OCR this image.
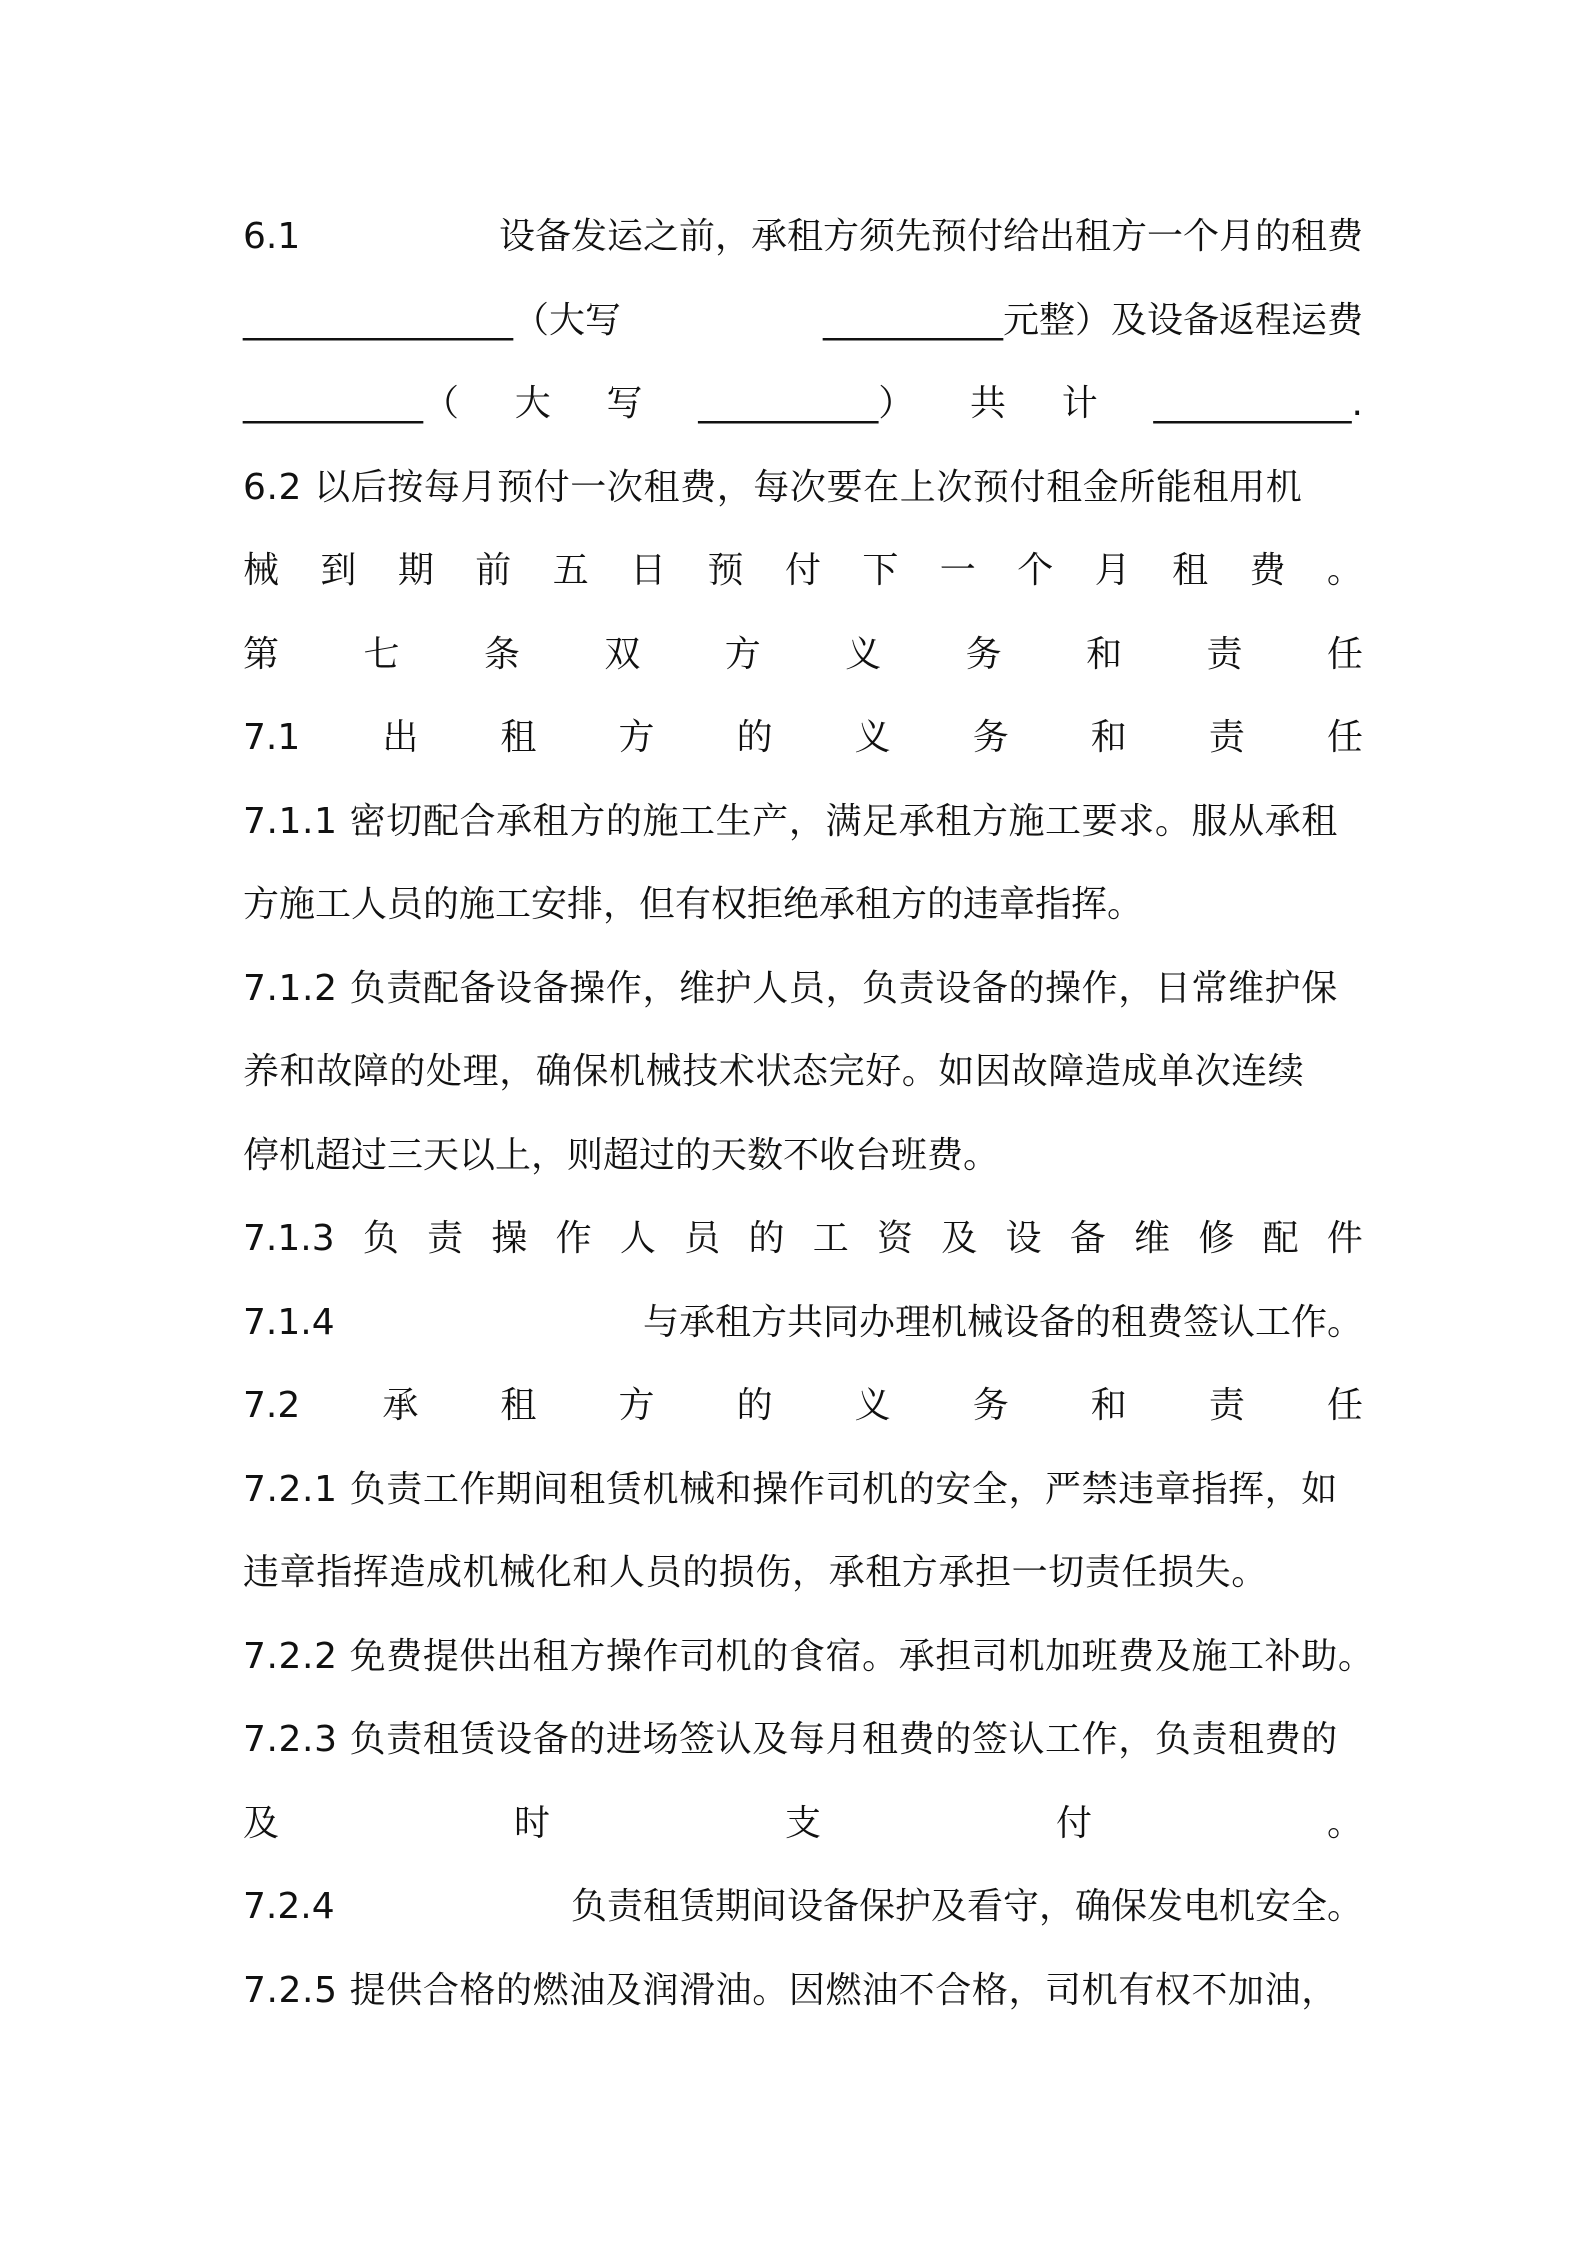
6.1	设备发运之前，承租方须先预付给出租方一个月的租费
_______________（大写	__________元整）及设备返程运费
__________（ 大 写 __________） 共 计 ___________.
6.2 以后按每月预付一次租费，每次要在上次预付租金所能租用机
械 到 期 前 五 日 预 付 下 一 个 月 租 费 。
第 七 条 双 方 义 务 和 责 任
7.1 出 租 方 的 义 务 和 责 任
7.1.1 密切配合承租方的施工生产，满足承租方施工要求。服从承租
方施工人员的施工安排，但有权拒绝承租方的违章指挥。
7.1.2 负责配备设备操作，维护人员，负责设备的操作，日常维护保
养和故障的处理，确保机械技术状态完好。如因故障造成单次连续
停机超过三天以上，则超过的天数不收台班费。
7.1.3 负 责 操 作 人 员 的 工 资 及 设 备 维 修 配 件
7.1.4	与承租方共同办理机械设备的租费签认工作。
7.2 承 租 方 的 义 务 和 责 任
7.2.1 负责工作期间租赁机械和操作司机的安全，严禁违章指挥，如
违章指挥造成机械化和人员的损伤，承租方承担一切责任损失。
7.2.2 免费提供出租方操作司机的食宿。承担司机加班费及施工补助。
7.2.3 负责租赁设备的进场签认及每月租费的签认工作，负责租费的
及	时	支	付	。
7.2.4	负责租赁期间设备保护及看守，确保发电机安全。
7.2.5 提供合格的燃油及润滑油。因燃油不合格，司机有权不加油，
